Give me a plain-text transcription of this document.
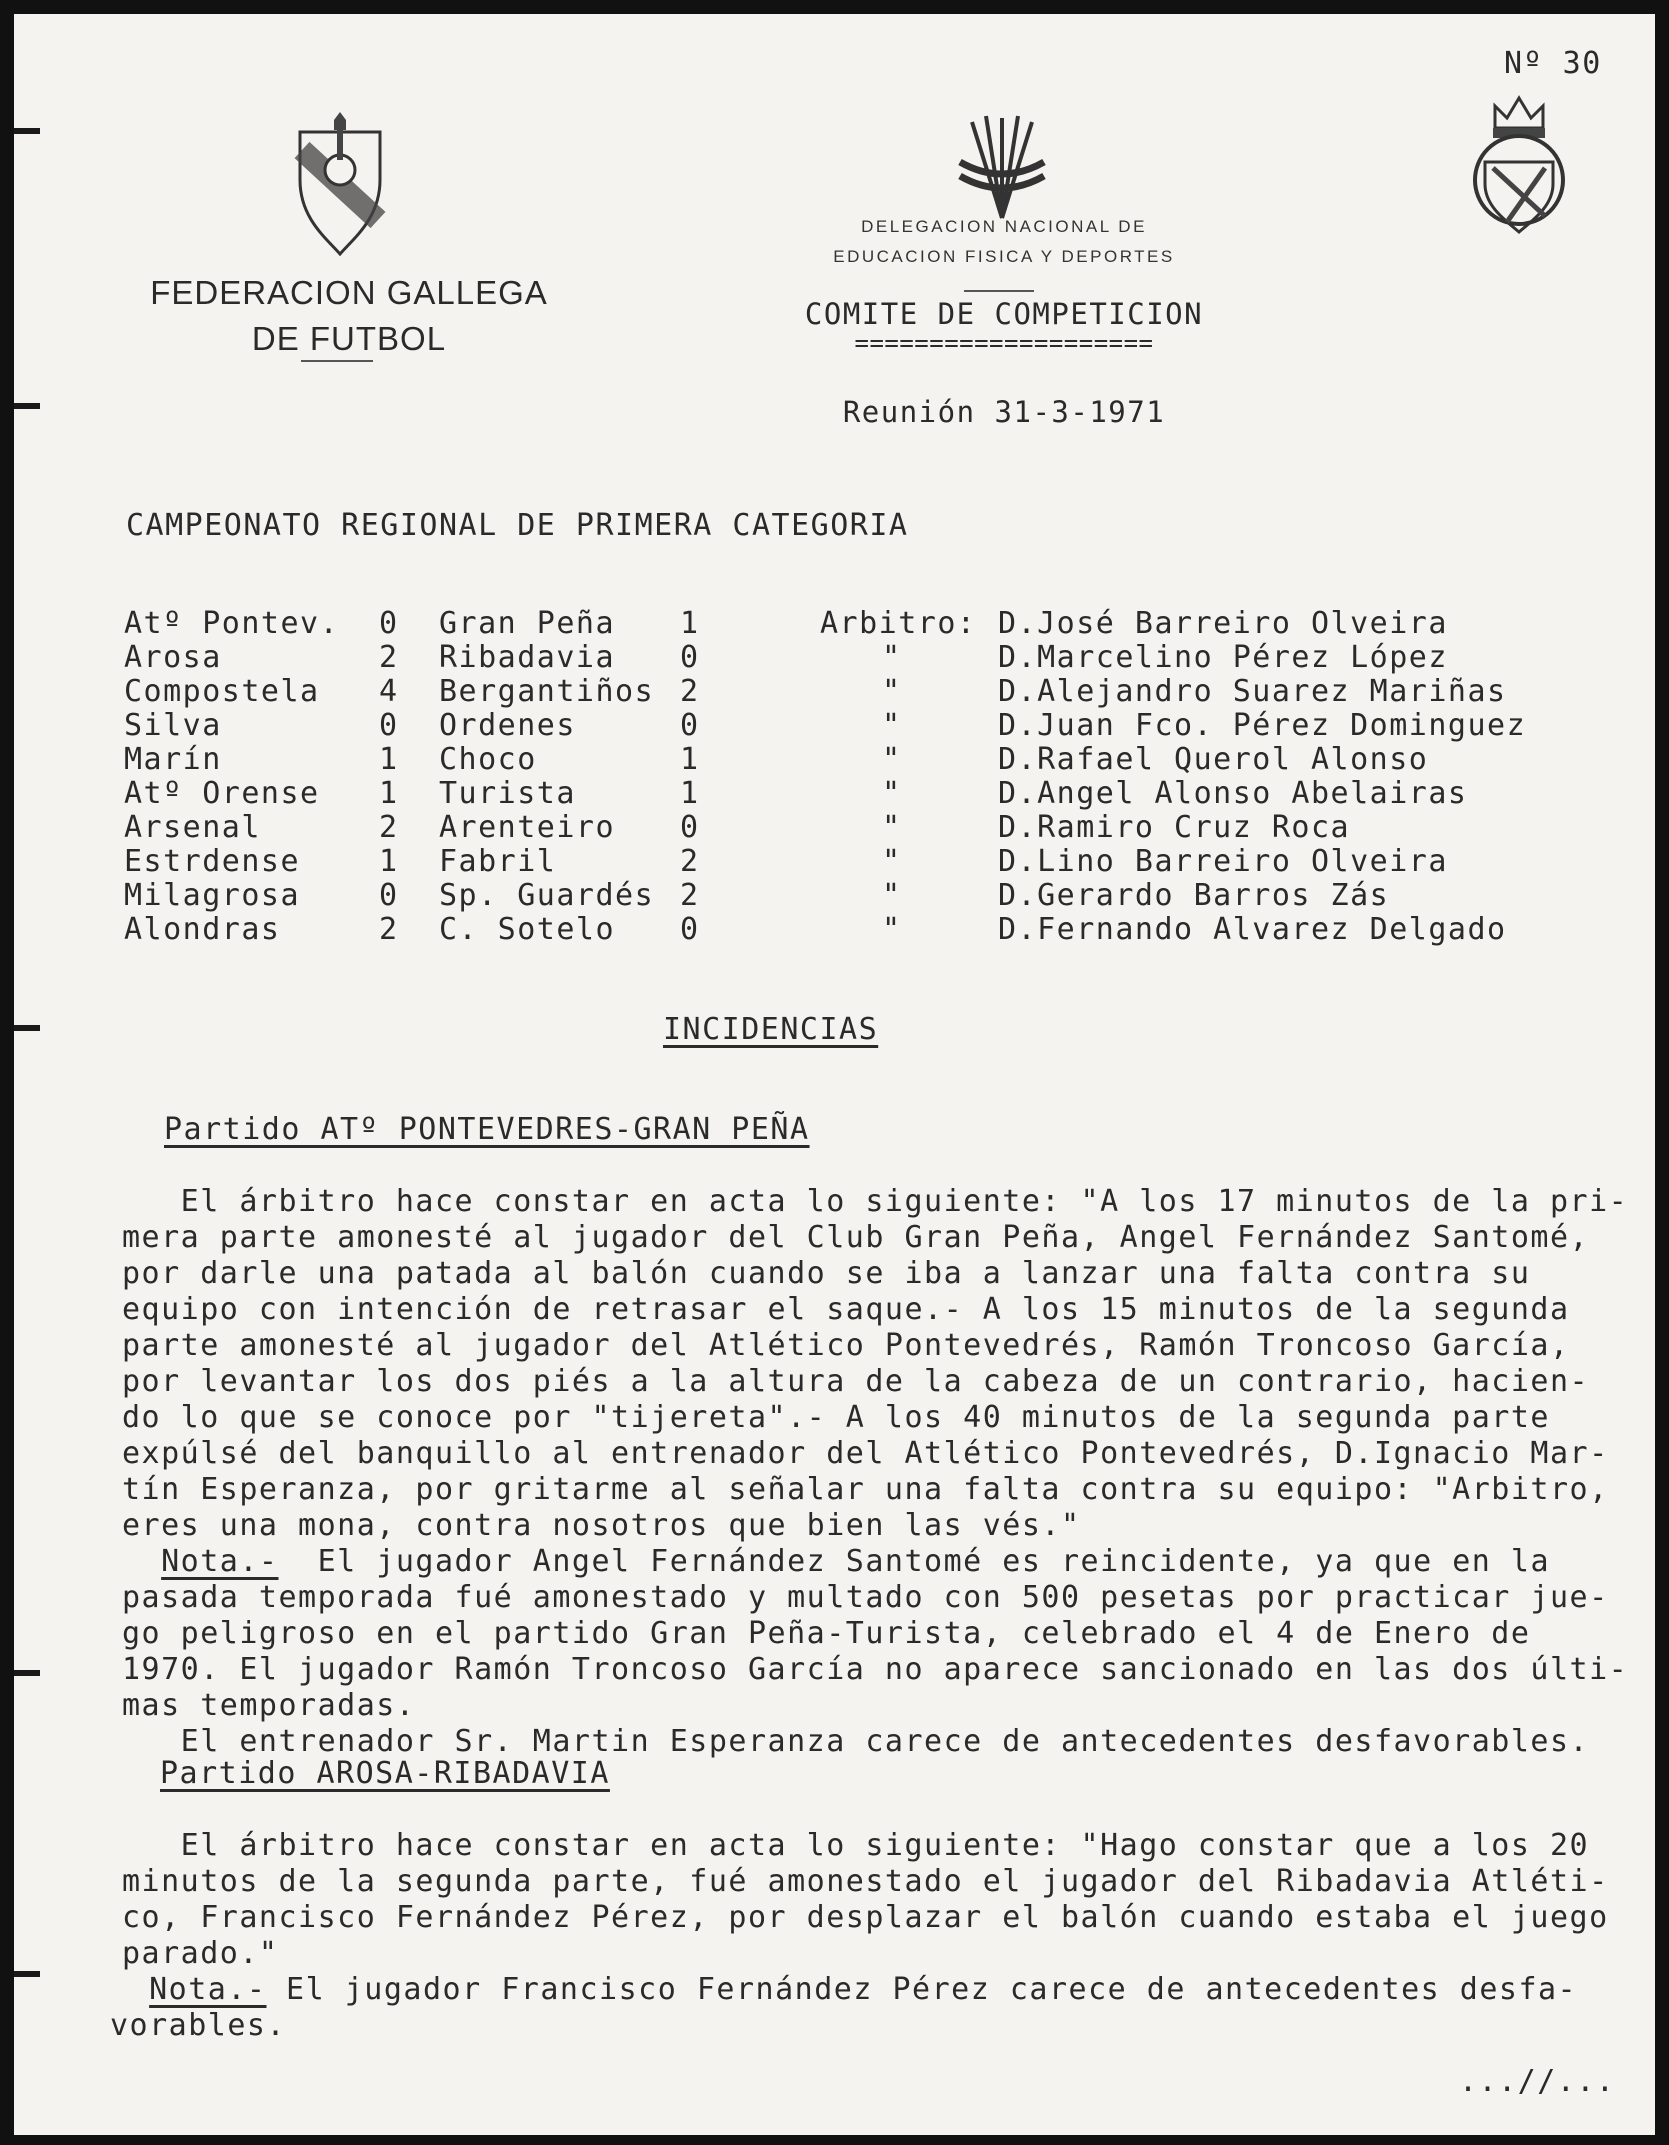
Nº 30
FEDERACION GALLEGA
DE FUTBOL
DELEGACION NACIONAL DE
EDUCACION FISICA Y DEPORTES
COMITE DE COMPETICION
====================
Reunión 31-3-1971
CAMPEONATO REGIONAL DE PRIMERA CATEGORIA
Atº Pontev. 0 Gran Peña 1	Arbitro: D.José Barreiro Olveira
Arosa	2 Ribadavia 0	"	D.Marcelino Pérez López
Compostela 4 Bergantiños 2	"	D.Alejandro Suarez Mariñas
Silva	0 Ordenes	0	"	D.Juan Fco. Pérez Dominguez
Marín	1 Choco	1	"	D.Rafael Querol Alonso
Atº Orense 1 Turista	1	"	D.Angel Alonso Abelairas
Arsenal	2 Arenteiro 0	"	D.Ramiro Cruz Roca
Estrdense	1 Fabril	2	"	D.Lino Barreiro Olveira
Milagrosa	0 Sp. Guardés 2	"	D.Gerardo Barros Zás
Alondras	2 C. Sotelo 0	"	D.Fernando Alvarez Delgado
INCIDENCIAS
Partido ATº PONTEVEDRES-GRAN PEÑA
El árbitro hace constar en acta lo siguiente: "A los 17 minutos de la pri-
mera parte amonesté al jugador del Club Gran Peña, Angel Fernández Santomé,
por darle una patada al balón cuando se iba a lanzar una falta contra su
equipo con intención de retrasar el saque.- A los 15 minutos de la segunda
parte amonesté al jugador del Atlético Pontevedrés, Ramón Troncoso García,
por levantar los dos piés a la altura de la cabeza de un contrario, hacien-
do lo que se conoce por "tijereta".- A los 40 minutos de la segunda parte
expúlsé del banquillo al entrenador del Atlético Pontevedrés, D.Ignacio Mar-
tín Esperanza, por gritarme al señalar una falta contra su equipo: "Arbitro,
eres una mona, contra nosotros que bien las vés."
Nota.-  El jugador Angel Fernández Santomé es reincidente, ya que en la
pasada temporada fué amonestado y multado con 500 pesetas por practicar jue-
go peligroso en el partido Gran Peña-Turista, celebrado el 4 de Enero de
1970. El jugador Ramón Troncoso García no aparece sancionado en las dos últi-
mas temporadas.
El entrenador Sr. Martin Esperanza carece de antecedentes desfavorables.
Partido AROSA-RIBADAVIA
El árbitro hace constar en acta lo siguiente: "Hago constar que a los 20
minutos de la segunda parte, fué amonestado el jugador del Ribadavia Atléti-
co, Francisco Fernández Pérez, por desplazar el balón cuando estaba el juego
parado."
Nota.- El jugador Francisco Fernández Pérez carece de antecedentes desfa-
vorables.
...//...
